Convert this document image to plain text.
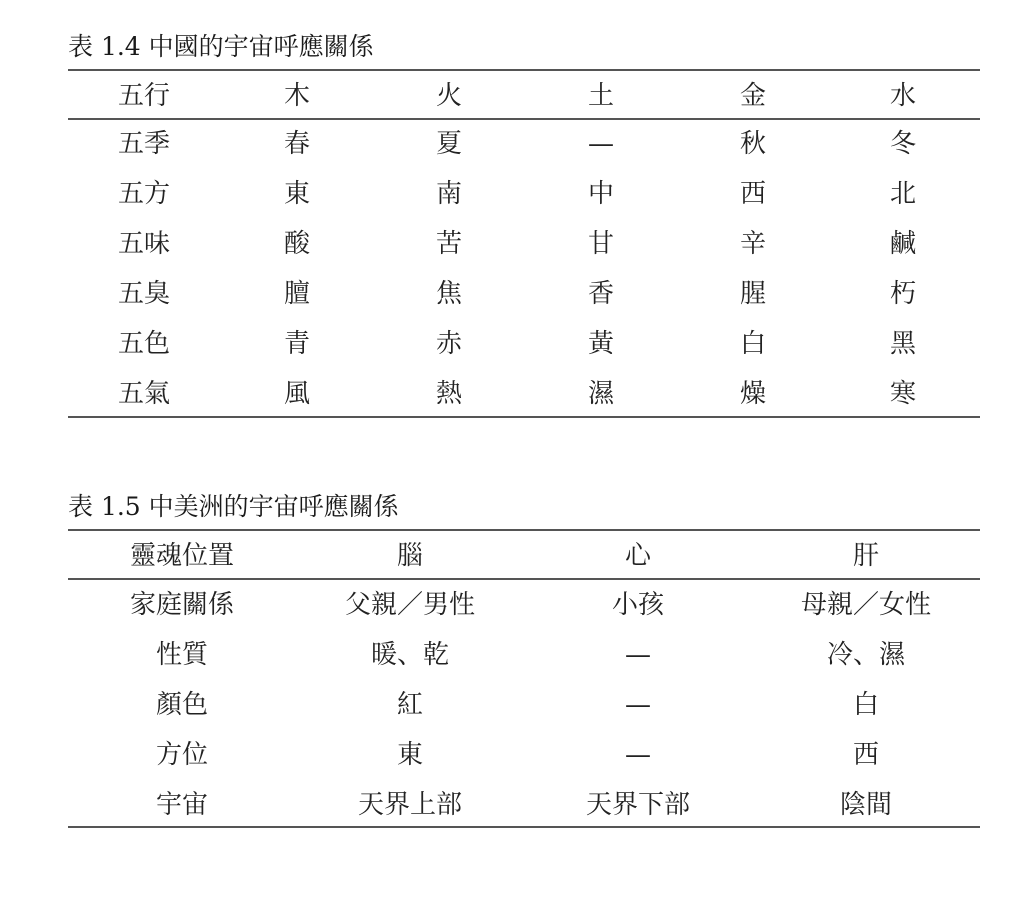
表 1.4 中國的宇宙呼應關係
五行	木	火	土	金	水
五季	春	夏	—	秋	冬
五方	東	南	中	西	北
五味	酸	苦	甘	辛	鹹
五臭	膻	焦	香	腥	朽
五色	青	赤	黃	白	黑
五氣	風	熱	濕	燥	寒
表 1.5 中美洲的宇宙呼應關係
靈魂位置	腦	心	肝
家庭關係	父親／男性	小孩	母親／女性
性質	暖、乾	—	冷、濕
顏色	紅	—	白
方位	東	—	西
宇宙	天界上部	天界下部	陰間
